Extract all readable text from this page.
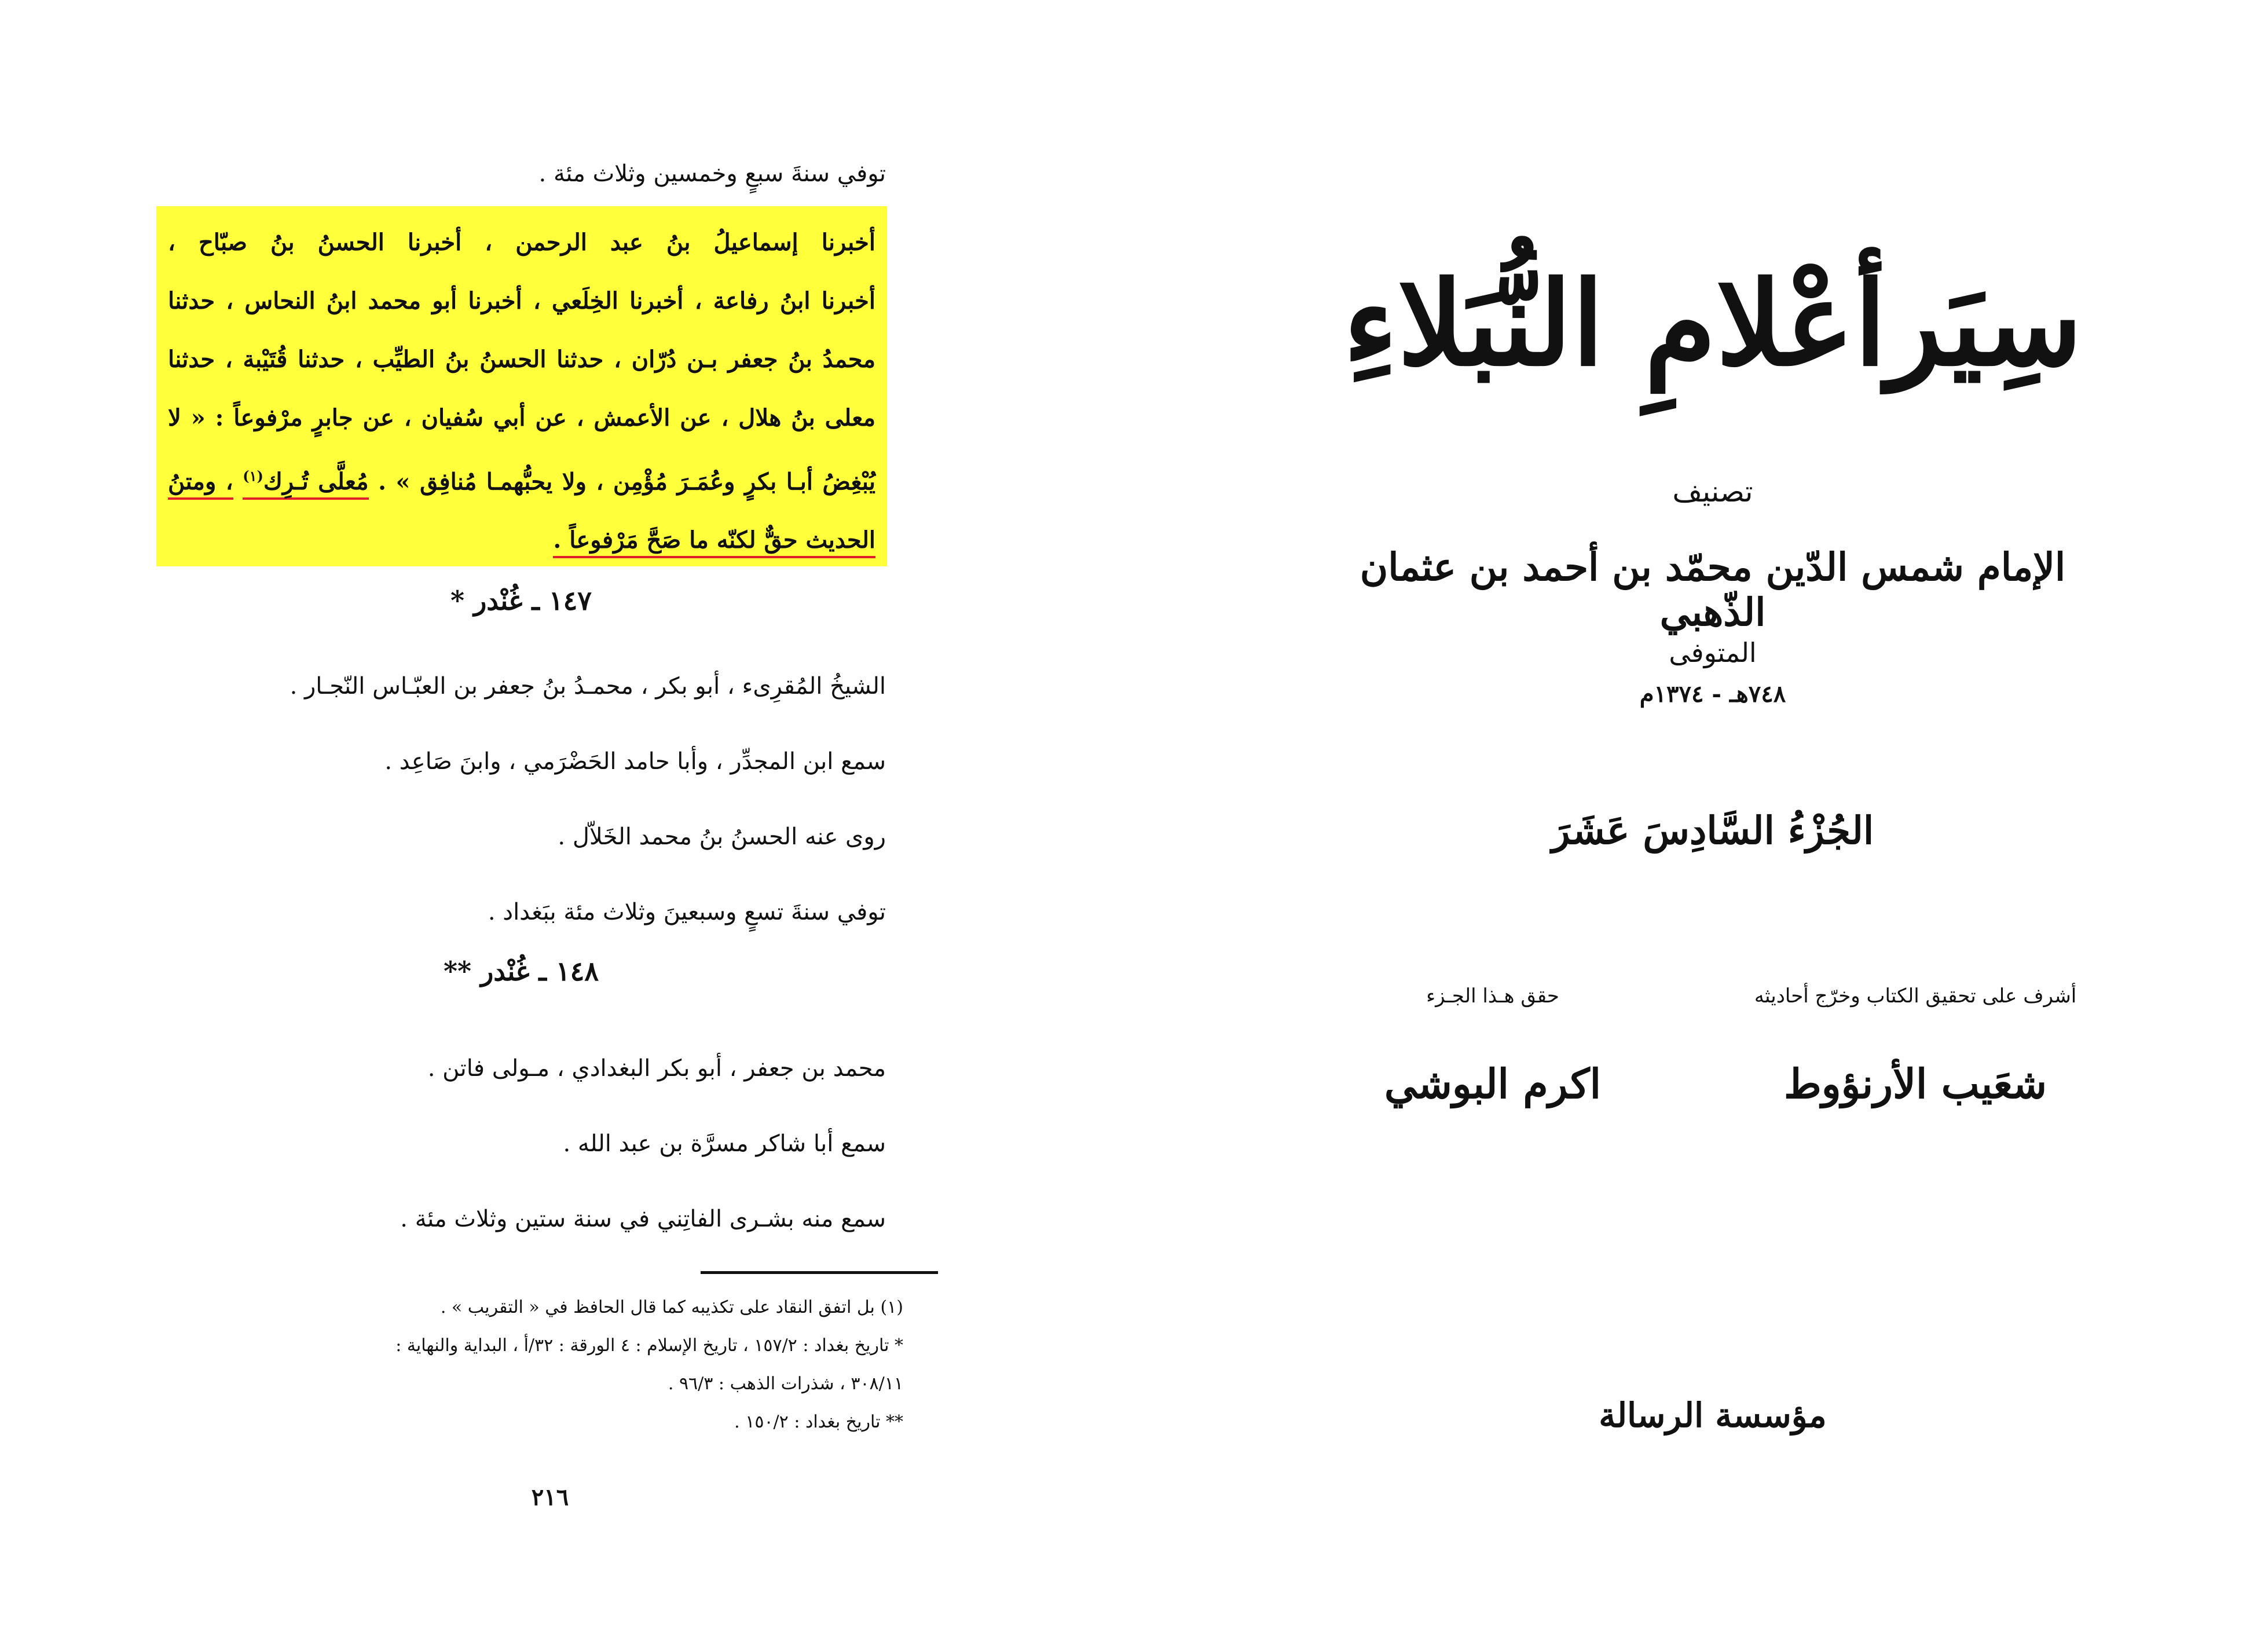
توفي سنةَ سبعٍ وخمسين وثلاث مئة .
أخبرنا إسماعيلُ بنُ عبد الرحمن ، أخبرنا الحسنُ بنُ صبّاح ،
أخبرنا ابنُ رفاعة ، أخبرنا الخِلَعي ، أخبرنا أبو محمد ابنُ النحاس ، حدثنا
محمدُ بنُ جعفر بـن دُرّان ، حدثنا الحسنُ بنُ الطيِّب ، حدثنا قُتَيْبة ، حدثنا
معلى بنُ هلال ، عن الأعمش ، عن أبي سُفيان ، عن جابرٍ مرْفوعاً : « لا
يُبْغِضُ أبـا بكرٍ وعُمَـرَ مُؤْمِن ، ولا يحبُّهمـا مُنافِق » . مُعلَّى تُـرِك$^{(١)}$ ، ومتنُ
الحديث حقٌّ لكنّه ما صَحَّ مَرْفوعاً .
١٤٧ ـ غُنْدر *
الشيخُ المُقرِىء ، أبو بكر ، محمـدُ بنُ جعفر بن العبّـاس النّجـار .
سمع ابن المجدِّر ، وأبا حامد الحَضْرَمي ، وابنَ صَاعِد .
روى عنه الحسنُ بنُ محمد الخَلاّل .
توفي سنةَ تسعٍ وسبعينَ وثلاث مئة ببَغداد .
١٤٨ ـ غُنْدر **
محمد بن جعفر ، أبو بكر البغدادي ، مـولى فاتن .
سمع أبا شاكر مسرَّة بن عبد الله .
سمع منه بشـرى الفاتِني في سنة ستين وثلاث مئة .
(١) بل اتفق النقاد على تكذيبه كما قال الحافظ في « التقريب » .
* تاريخ بغداد : ١٥٧/٢ ، تاريخ الإسلام : ٤ الورقة : ٣٢/أ ، البداية والنهاية :
٣٠٨/١١ ، شذرات الذهب : ٩٦/٣ .
** تاريخ بغداد : ١٥٠/٢ .
٢١٦
سِيَرأعْلامِ النُّبَلاءِ
تصنيف
الإمام شمس الدّين محمّد بن أحمد بن عثمان الذّهبي
المتوفى
٧٤٨هـ - ١٣٧٤م
الجُزْءُ السَّادِسَ عَشَرَ
أشرف على تحقيق الكتاب وخرّج أحاديثه
شعَيب الأرنؤوط
حقق هـذا الجـزء
اكرم البوشي
مؤسسة الرسالة
